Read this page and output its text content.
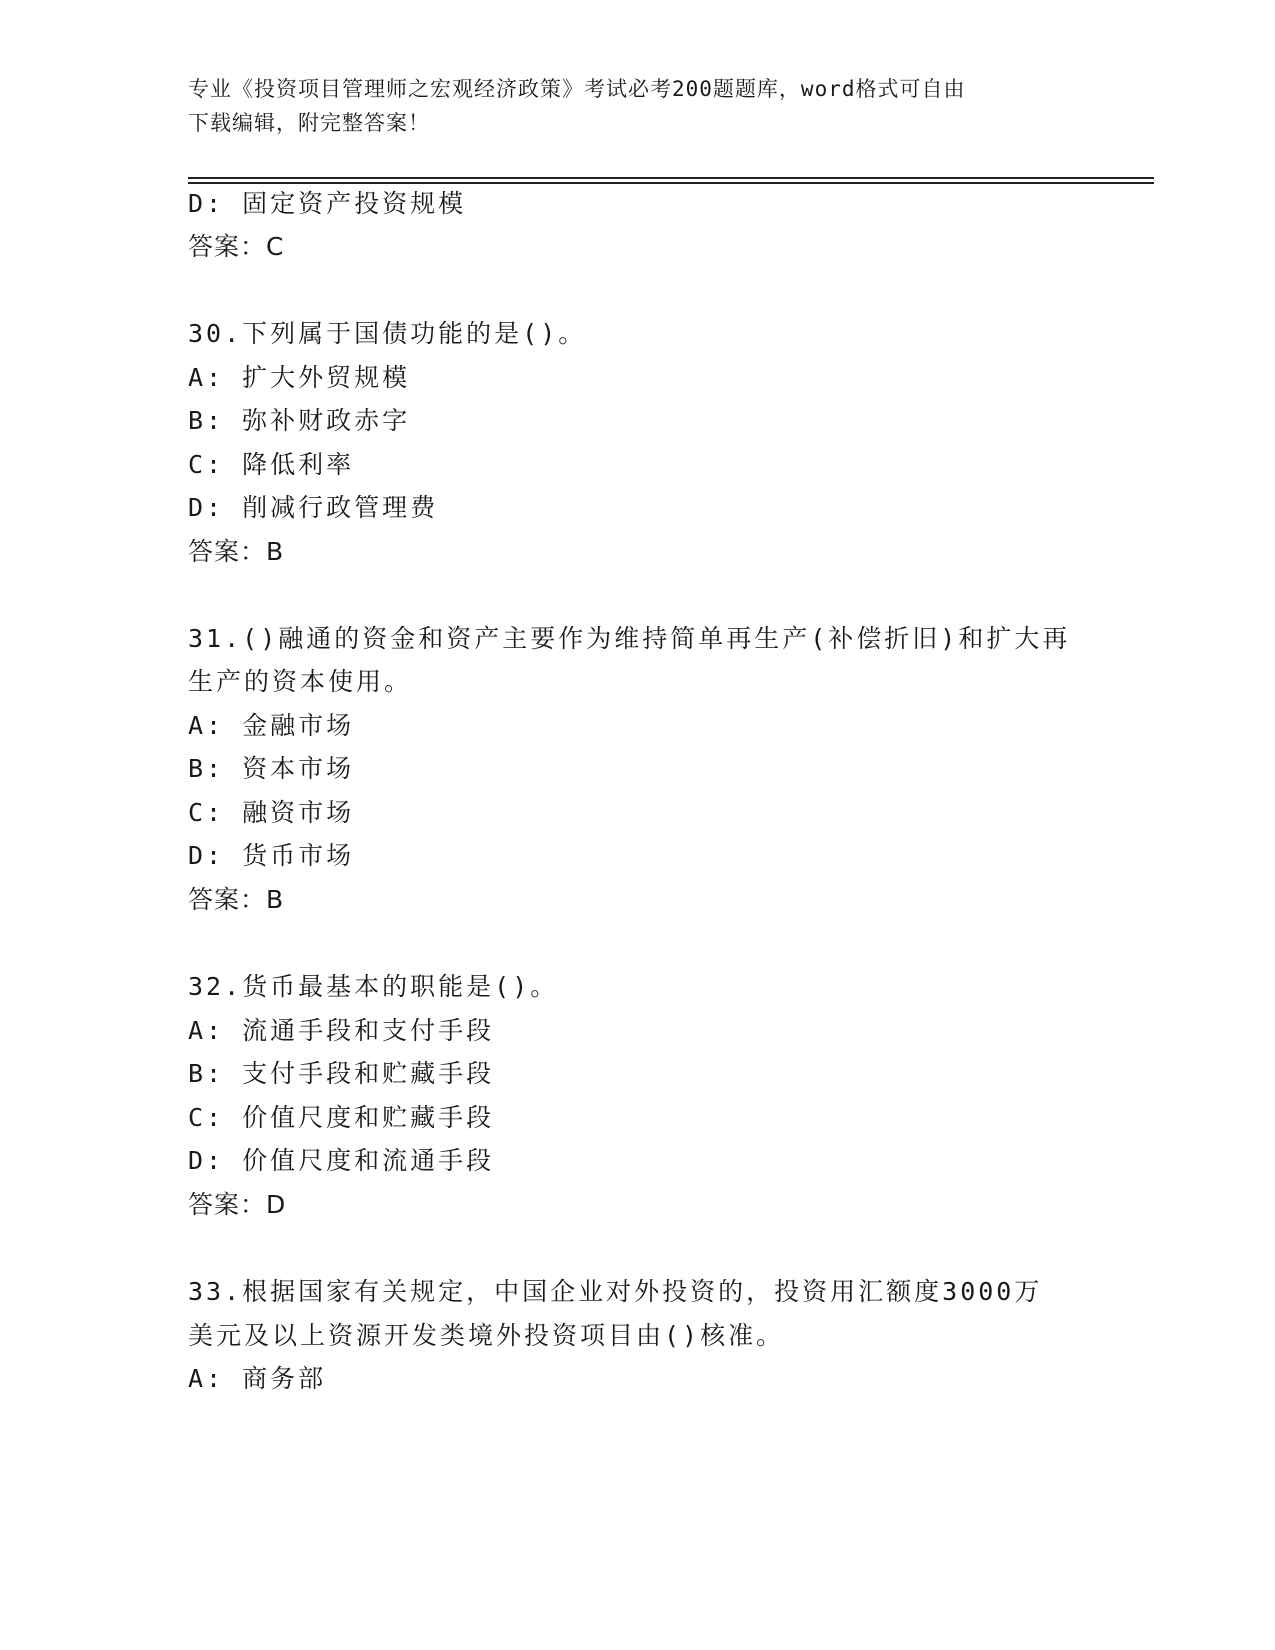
专业《投资项目管理师之宏观经济政策》考试必考200题题库，word格式可自由
下载编辑，附完整答案！
D: 固定资产投资规模
答案：C
30.下列属于国债功能的是()。
A: 扩大外贸规模
B: 弥补财政赤字
C: 降低利率
D: 削减行政管理费
答案：B
31.()融通的资金和资产主要作为维持简单再生产(补偿折旧)和扩大再
生产的资本使用。
A: 金融市场
B: 资本市场
C: 融资市场
D: 货币市场
答案：B
32.货币最基本的职能是()。
A: 流通手段和支付手段
B: 支付手段和贮藏手段
C: 价值尺度和贮藏手段
D: 价值尺度和流通手段
答案：D
33.根据国家有关规定，中国企业对外投资的，投资用汇额度3000万
美元及以上资源开发类境外投资项目由()核准。
A: 商务部
